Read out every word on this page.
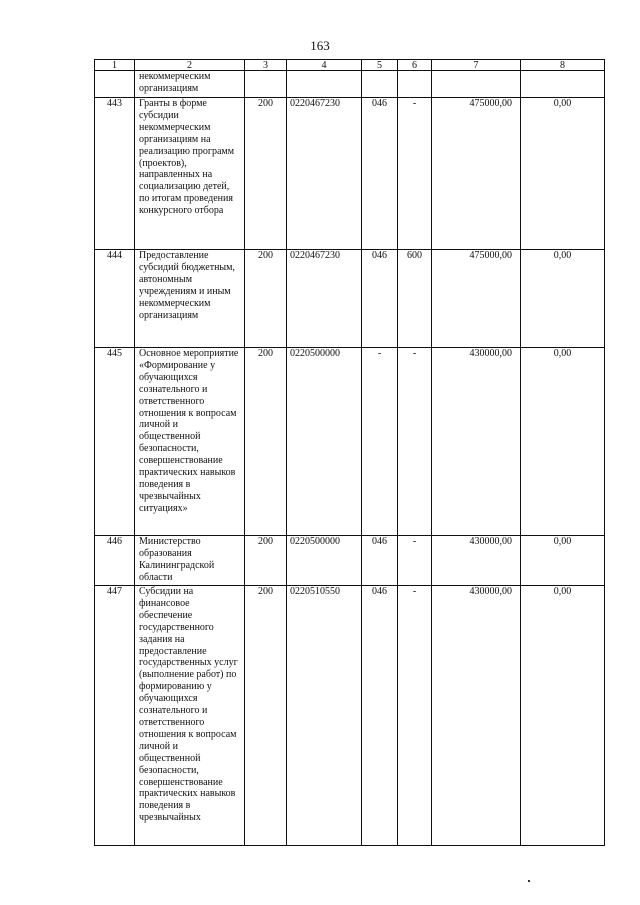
163
1	2	3	4	5	6	7	8
	некоммерческим организациям						
443	Гранты в форме субсидии некоммерческим организациям на реализацию программ (проектов), направленных на социализацию детей, по итогам проведения конкурсного отбора	200	0220467230	046	-	475000,00	0,00
444	Предоставление субсидий бюджетным, автономным учреждениям и иным некоммерческим организациям	200	0220467230	046	600	475000,00	0,00
445	Основное мероприятие «Формирование у обучающихся сознательного и ответственного отношения к вопросам личной и общественной безопасности, совершенствование практических навыков поведения в чрезвычайных ситуациях»	200	0220500000	-	-	430000,00	0,00
446	Министерство образования Калининградской области	200	0220500000	046	-	430000,00	0,00
447	Субсидии на финансовое обеспечение государственного задания на предоставление государственных услуг (выполнение работ) по формированию у обучающихся сознательного и ответственного отношения к вопросам личной и общественной безопасности, совершенствование практических навыков поведения в чрезвычайных	200	0220510550	046	-	430000,00	0,00
